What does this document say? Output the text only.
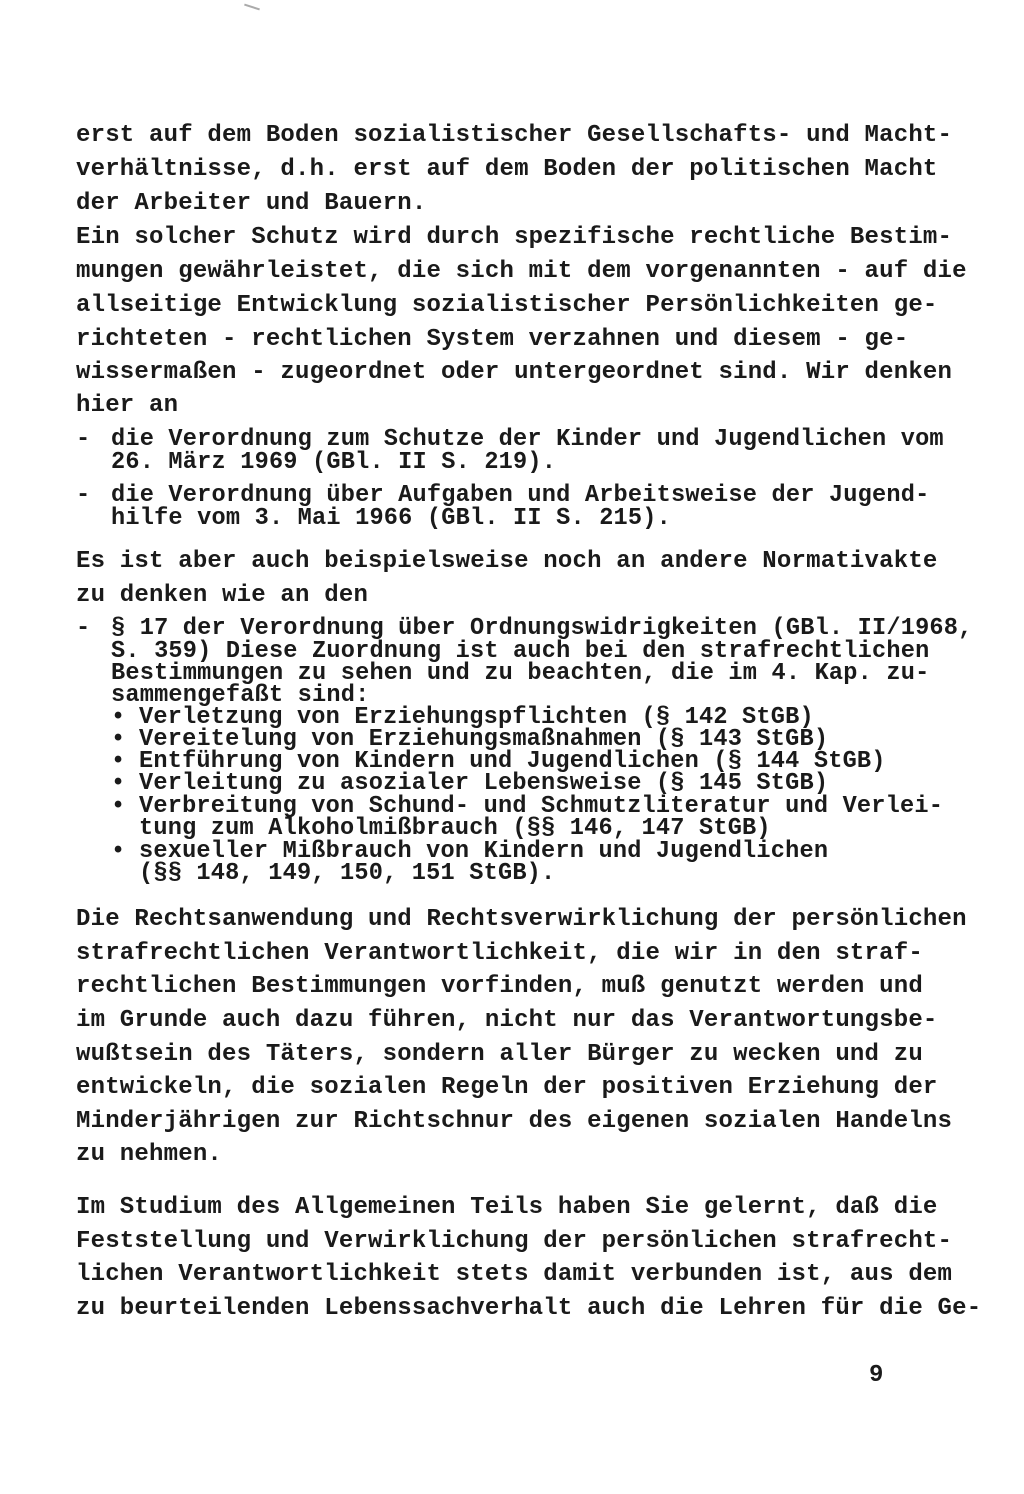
erst auf dem Boden sozialistischer Gesellschafts- und Macht-
verhältnisse, d.h. erst auf dem Boden der politischen Macht
der Arbeiter und Bauern.
Ein solcher Schutz wird durch spezifische rechtliche Bestim-
mungen gewährleistet, die sich mit dem vorgenannten - auf die
allseitige Entwicklung sozialistischer Persönlichkeiten ge-
richteten - rechtlichen System verzahnen und diesem - ge-
wissermaßen - zugeordnet oder untergeordnet sind. Wir denken
hier an
- die Verordnung zum Schutze der Kinder und Jugendlichen vom
26. März 1969 (GBl. II S. 219).
- die Verordnung über Aufgaben und Arbeitsweise der Jugend-
hilfe vom 3. Mai 1966 (GBl. II S. 215).
Es ist aber auch beispielsweise noch an andere Normativakte
zu denken wie an den
- § 17 der Verordnung über Ordnungswidrigkeiten (GBl. II/1968,
S. 359) Diese Zuordnung ist auch bei den strafrechtlichen
Bestimmungen zu sehen und zu beachten, die im 4. Kap. zu-
sammengefaßt sind:
• Verletzung von Erziehungspflichten (§ 142 StGB)
• Vereitelung von Erziehungsmaßnahmen (§ 143 StGB)
• Entführung von Kindern und Jugendlichen (§ 144 StGB)
• Verleitung zu asozialer Lebensweise (§ 145 StGB)
• Verbreitung von Schund- und Schmutzliteratur und Verlei-
tung zum Alkoholmißbrauch (§§ 146, 147 StGB)
• sexueller Mißbrauch von Kindern und Jugendlichen
(§§ 148, 149, 150, 151 StGB).
Die Rechtsanwendung und Rechtsverwirklichung der persönlichen
strafrechtlichen Verantwortlichkeit, die wir in den straf-
rechtlichen Bestimmungen vorfinden, muß genutzt werden und
im Grunde auch dazu führen, nicht nur das Verantwortungsbe-
wußtsein des Täters, sondern aller Bürger zu wecken und zu
entwickeln, die sozialen Regeln der positiven Erziehung der
Minderjährigen zur Richtschnur des eigenen sozialen Handelns
zu nehmen.
Im Studium des Allgemeinen Teils haben Sie gelernt, daß die
Feststellung und Verwirklichung der persönlichen strafrecht-
lichen Verantwortlichkeit stets damit verbunden ist, aus dem
zu beurteilenden Lebenssachverhalt auch die Lehren für die Ge-
9
